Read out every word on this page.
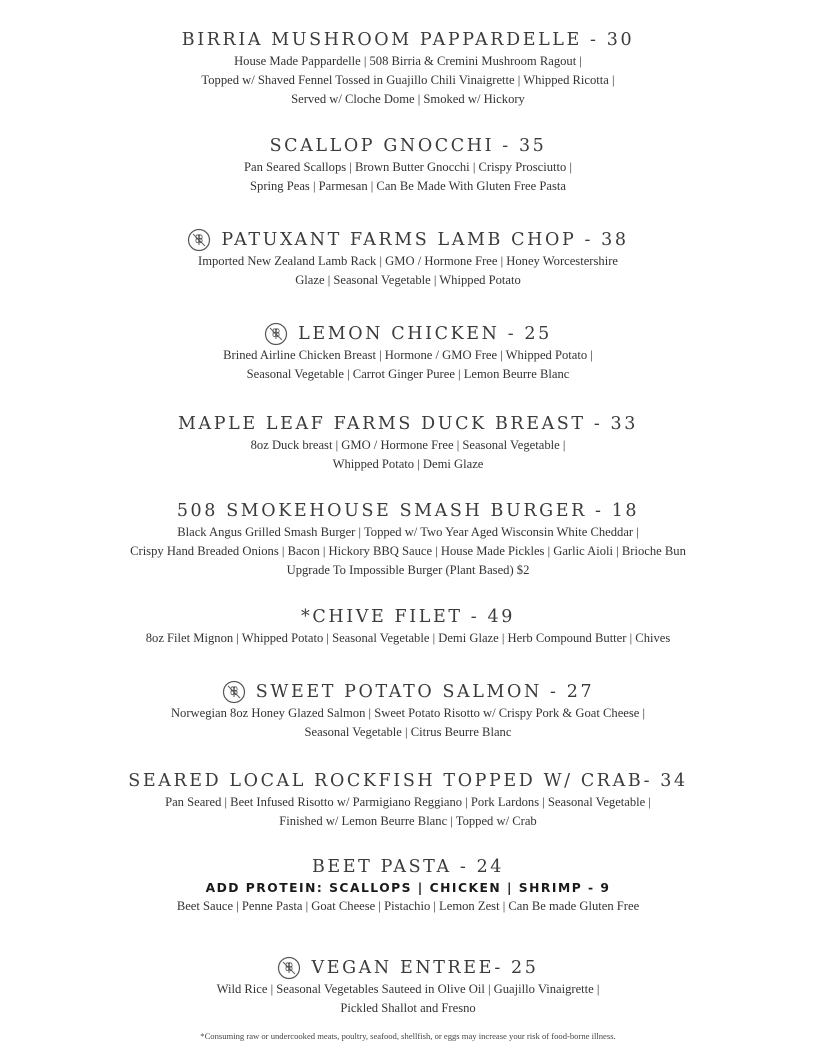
BIRRIA MUSHROOM PAPPARDELLE - 30
House Made Pappardelle | 508 Birria & Cremini Mushroom Ragout |
Topped w/ Shaved Fennel Tossed in Guajillo Chili Vinaigrette | Whipped Ricotta |
Served w/ Cloche Dome | Smoked w/ Hickory
SCALLOP GNOCCHI - 35
Pan Seared Scallops | Brown Butter Gnocchi | Crispy Prosciutto |
Spring Peas | Parmesan | Can Be Made With Gluten Free Pasta
PATUXANT FARMS LAMB CHOP - 38
Imported New Zealand Lamb Rack | GMO / Hormone Free | Honey Worcestershire
Glaze | Seasonal Vegetable | Whipped Potato
LEMON CHICKEN - 25
Brined Airline Chicken Breast | Hormone / GMO Free | Whipped Potato |
Seasonal Vegetable | Carrot Ginger Puree | Lemon Beurre Blanc
MAPLE LEAF FARMS DUCK BREAST - 33
8oz Duck breast | GMO / Hormone Free | Seasonal Vegetable |
Whipped Potato | Demi Glaze
508 SMOKEHOUSE SMASH BURGER - 18
Black Angus Grilled Smash Burger | Topped w/ Two Year Aged Wisconsin White Cheddar |
Crispy Hand Breaded Onions | Bacon | Hickory BBQ Sauce | House Made Pickles | Garlic Aioli | Brioche Bun
Upgrade To Impossible Burger (Plant Based) $2
*CHIVE FILET - 49
8oz Filet Mignon | Whipped Potato | Seasonal Vegetable | Demi Glaze | Herb Compound Butter | Chives
SWEET POTATO SALMON - 27
Norwegian 8oz Honey Glazed Salmon | Sweet Potato Risotto w/ Crispy Pork & Goat Cheese |
Seasonal Vegetable | Citrus Beurre Blanc
SEARED LOCAL ROCKFISH TOPPED W/ CRAB- 34
Pan Seared | Beet Infused Risotto w/ Parmigiano Reggiano | Pork Lardons | Seasonal Vegetable |
Finished w/ Lemon Beurre Blanc | Topped w/ Crab
BEET PASTA - 24
ADD PROTEIN: SCALLOPS | CHICKEN | SHRIMP - 9
Beet Sauce | Penne Pasta | Goat Cheese | Pistachio | Lemon Zest | Can Be made Gluten Free
VEGAN ENTREE- 25
Wild Rice | Seasonal Vegetables Sauteed in Olive Oil | Guajillo Vinaigrette |
Pickled Shallot and Fresno
*Consuming raw or undercooked meats, poultry, seafood, shellfish, or eggs may increase your risk of food-borne illness.
